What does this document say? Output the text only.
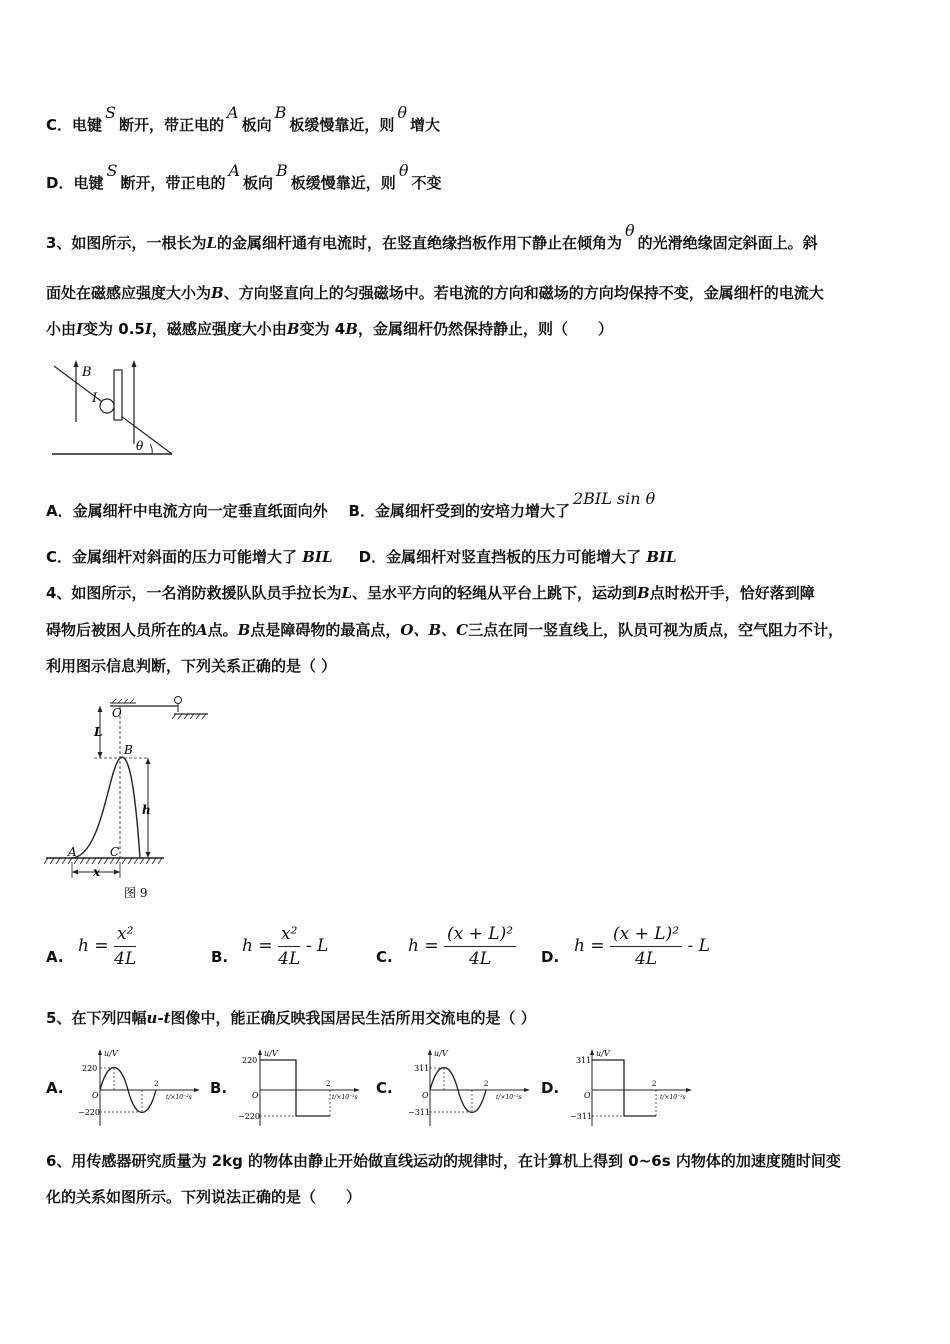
C．电键S断开，带正电的A板向B板缓慢靠近，则θ增大
D．电键S断开，带正电的A板向B板缓慢靠近，则θ不变
3、如图所示，一根长为L的金属细杆通有电流时，在竖直绝缘挡板作用下静止在倾角为θ的光滑绝缘固定斜面上。斜
面处在磁感应强度大小为B、方向竖直向上的匀强磁场中。若电流的方向和磁场的方向均保持不变，金属细杆的电流大
小由I变为 0.5I，磁感应强度大小由B变为 4B，金属细杆仍然保持静止，则（　　）
B
I
θ
A．金属细杆中电流方向一定垂直纸面向外 B．金属细杆受到的安培力增大了2BIL sin θ
C．金属细杆对斜面的压力可能增大了 BIL D．金属细杆对竖直挡板的压力可能增大了 BIL
4、如图所示，一名消防救援队队员手拉长为L、呈水平方向的轻绳从平台上跳下，运动到B点时松开手，恰好落到障
碍物后被困人员所在的A点。B点是障碍物的最高点，O、B、C三点在同一竖直线上，队员可视为质点，空气阻力不计，
利用图示信息判断，下列关系正确的是（ ）
O
L
B
h
A	C
x
图 9
A.
$h = \frac{\text{x²}}{4L}$	B.
$h = \frac{\text{x²}}{4L} - L$
C.
$h = \frac{\text{(x + L)²}}{4L} D$.
$h = \frac{\text{(x + L)²}}{4L} - L$
5、在下列四幅u-t图像中，能正确反映我国居民生活所用交流电的是（ ）
A.
u/V
220
−220
O
2
t/×10⁻²s
B.
u/V
220
−220
O
2
t/×10⁻²s
C.
u/V
311
−311
O
2
t/×10⁻²s
D.
u/V
311
−311
O
2
t/×10⁻²s
6、用传感器研究质量为 2kg 的物体由静止开始做直线运动的规律时，在计算机上得到 0~6s 内物体的加速度随时间变
化的关系如图所示。下列说法正确的是（　　）
